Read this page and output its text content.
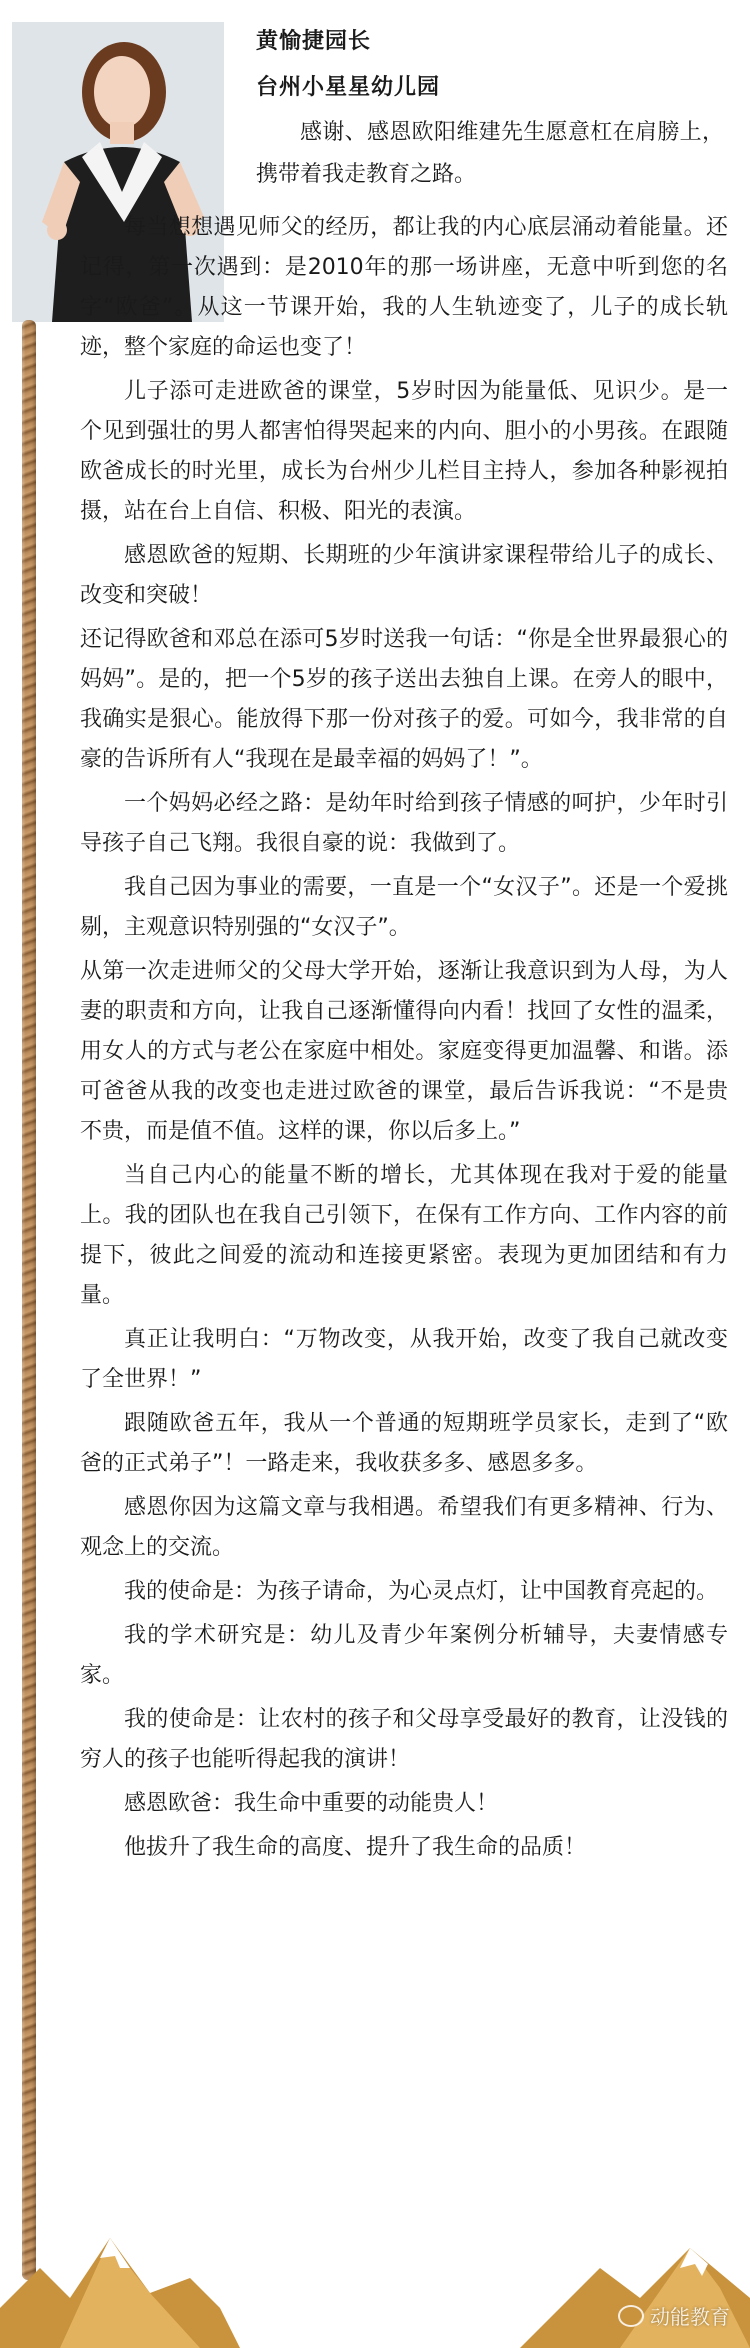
黄愉捷园长
台州小星星幼儿园

感谢、感恩欧阳维建先生愿意杠在肩膀上，携带着我走教育之路。

每当想想遇见师父的经历，都让我的内心底层涌动着能量。还记得，第一次遇到：是2010年的那一场讲座，无意中听到您的名字“欧爸”。从这一节课开始，我的人生轨迹变了，儿子的成长轨迹，整个家庭的命运也变了！

儿子添可走进欧爸的课堂，5岁时因为能量低、见识少。是一个见到强壮的男人都害怕得哭起来的内向、胆小的小男孩。在跟随欧爸成长的时光里，成长为台州少儿栏目主持人，参加各种影视拍摄，站在台上自信、积极、阳光的表演。

感恩欧爸的短期、长期班的少年演讲家课程带给儿子的成长、改变和突破！

还记得欧爸和邓总在添可5岁时送我一句话：“你是全世界最狠心的妈妈”。是的，把一个5岁的孩子送出去独自上课。在旁人的眼中，我确实是狠心。能放得下那一份对孩子的爱。可如今，我非常的自豪的告诉所有人“我现在是最幸福的妈妈了！”。

一个妈妈必经之路：是幼年时给到孩子情感的呵护，少年时引导孩子自己飞翔。我很自豪的说：我做到了。

我自己因为事业的需要，一直是一个“女汉子”。还是一个爱挑剔，主观意识特别强的“女汉子”。

从第一次走进师父的父母大学开始，逐渐让我意识到为人母，为人妻的职责和方向，让我自己逐渐懂得向内看！找回了女性的温柔，用女人的方式与老公在家庭中相处。家庭变得更加温馨、和谐。添可爸爸从我的改变也走进过欧爸的课堂，最后告诉我说：“不是贵不贵，而是值不值。这样的课，你以后多上。”

当自己内心的能量不断的增长，尤其体现在我对于爱的能量上。我的团队也在我自己引领下，在保有工作方向、工作内容的前提下，彼此之间爱的流动和连接更紧密。表现为更加团结和有力量。

真正让我明白：“万物改变，从我开始，改变了我自己就改变了全世界！”

跟随欧爸五年，我从一个普通的短期班学员家长，走到了“欧爸的正式弟子”！一路走来，我收获多多、感恩多多。

感恩你因为这篇文章与我相遇。希望我们有更多精神、行为、观念上的交流。

我的使命是：为孩子请命，为心灵点灯，让中国教育亮起的。

我的学术研究是：幼儿及青少年案例分析辅导，夫妻情感专家。

我的使命是：让农村的孩子和父母享受最好的教育，让没钱的穷人的孩子也能听得起我的演讲！

感恩欧爸：我生命中重要的动能贵人！

他拔升了我生命的高度、提升了我生命的品质！

动能教育
